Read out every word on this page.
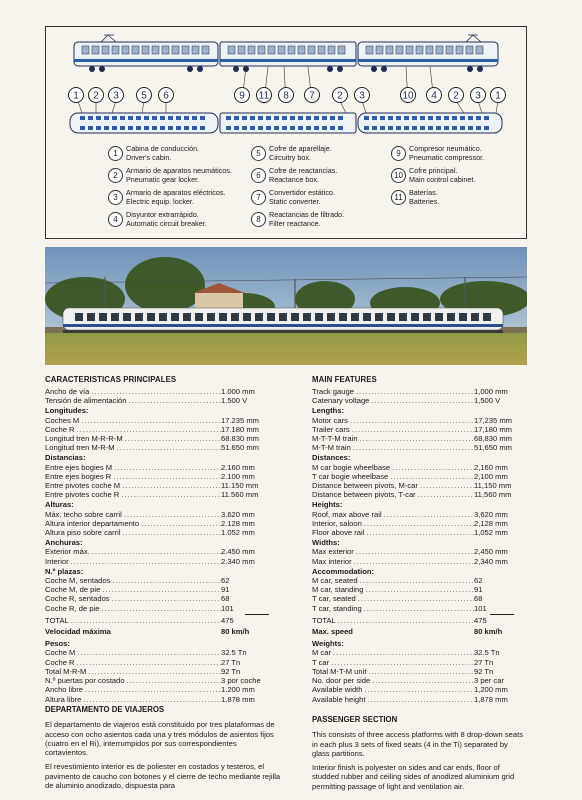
1 2 3 5 6	9 11 8 7 2 3	10 4 2 3 1
1
Cabina de conducción.
Driver's cabin.
2
Armario de aparatos neumáticos.
Pneumatic gear locker.
3
Armario de aparatos eléctricos.
Electric equip. locker.
4
Disyuntor extrarrápido.
Automatic circuit breaker.
5
Cofre de aparellaje.
Circuitry box.
6
Cofre de reactancias.
Reactance box.
7
Convertidor estático.
Static converter.
8
Reactancias de filtrado.
Filter reactance.
9
Compresor neumático.
Pneumatic compressor.
10
Cofre principal.
Main control cabinet.
11
Baterías.
Batteries.
CARACTERISTICAS PRINCIPALES
Ancho de vía .....	1.000 mm
Tensión de alimentación .....	1.500 V
Longitudes:
Coches M .....	17.235 mm
Coche R .....	17.180 mm
Longitud tren M-R-R-M .....	68.830 mm
Longitud tren M-R-M .....	51.650 mm
Distancias:
Entre ejes bogies M .....	2.160 mm
Entre ejes bogies R .....	2.100 mm
Entre pivotes coche M .....	11.150 mm
Entre pivotes coche R .....	11.560 mm
Alturas:
Máx. techo sobre carril .....	3.620 mm
Altura interior departamento .....	2.128 mm
Altura piso sobre carril .....	1.052 mm
Anchuras:
Exterior máx. .....	2.450 mm
Interior .....	2.340 mm
N.º plazas:
Coche M, sentados .....	62
Coche M, de pie .....	91
Coche R, sentados .....	68
Coche R, de pie .....	101
TOTAL .....	475
Velocidad máxima	80 km/h
Pesos:
Coche M .....	32.5 Tn
Coche R .....	27 Tn
Total M-R-M .....	92 Tn
N.º puertas por costado .....	3 por coche
Ancho libre .....	1.200 mm
Altura libre .....	1.878 mm
MAIN FEATURES
Track gauge .....	1,000 mm
Catenary voltage .....	1,500 V
Lengths:
Motor cars .....	17,235 mm
Trailer cars .....	17,180 mm
M-T-T-M train .....	68,830 mm
M-T-M train .....	51,650 mm
Distances:
M car bogie wheelbase .....	2,160 mm
T car bogie wheelbase .....	2,100 mm
Distance between pivots, M-car .....	11,150 mm
Distance between pivots, T-car .....	11,560 mm
Heights:
Roof, max above rail .....	3,620 mm
Interior, saloon .....	2,128 mm
Floor above rail .....	1,052 mm
Widths:
Max exterior .....	2,450 mm
Max interior .....	2,340 mm
Accommodation:
M car, seated .....	62
M car, standing .....	91
T car, seated .....	68
T car, standing .....	101
TOTAL .....	475
Max. speed	80 km/h
Weights:
M car .....	32.5 Tn
T car .....	27 Tn
Total M-T-M unit .....	92 Tn
No. door per side .....	3 per car
Available width .....	1,200 mm
Available height .....	1,878 mm
DEPARTAMENTO DE VIAJEROS

El departamento de viajeros está constituido por tres plataformas de acceso con ocho asientos cada una y tres módulos de asientos fijos (cuatro en el Ri), interrumpidos por sus correspondientes cortavientos.

El revestimiento interior es de poliester en costados y testeros, el pavimento de caucho con botones y el cierre de techo mediante rejilla de aluminio anodizado, dispuesta para

PASSENGER SECTION

This consists of three access platforms with 8 drop-down seats in each plus 3 sets of fixed seats (4 in the Ti) separated by glass partitions.

Interior finish is polyester on sides and car ends, floor of studded rubber and ceiling sides of anodized aluminium grid permitting passage of light and ventilation air.
